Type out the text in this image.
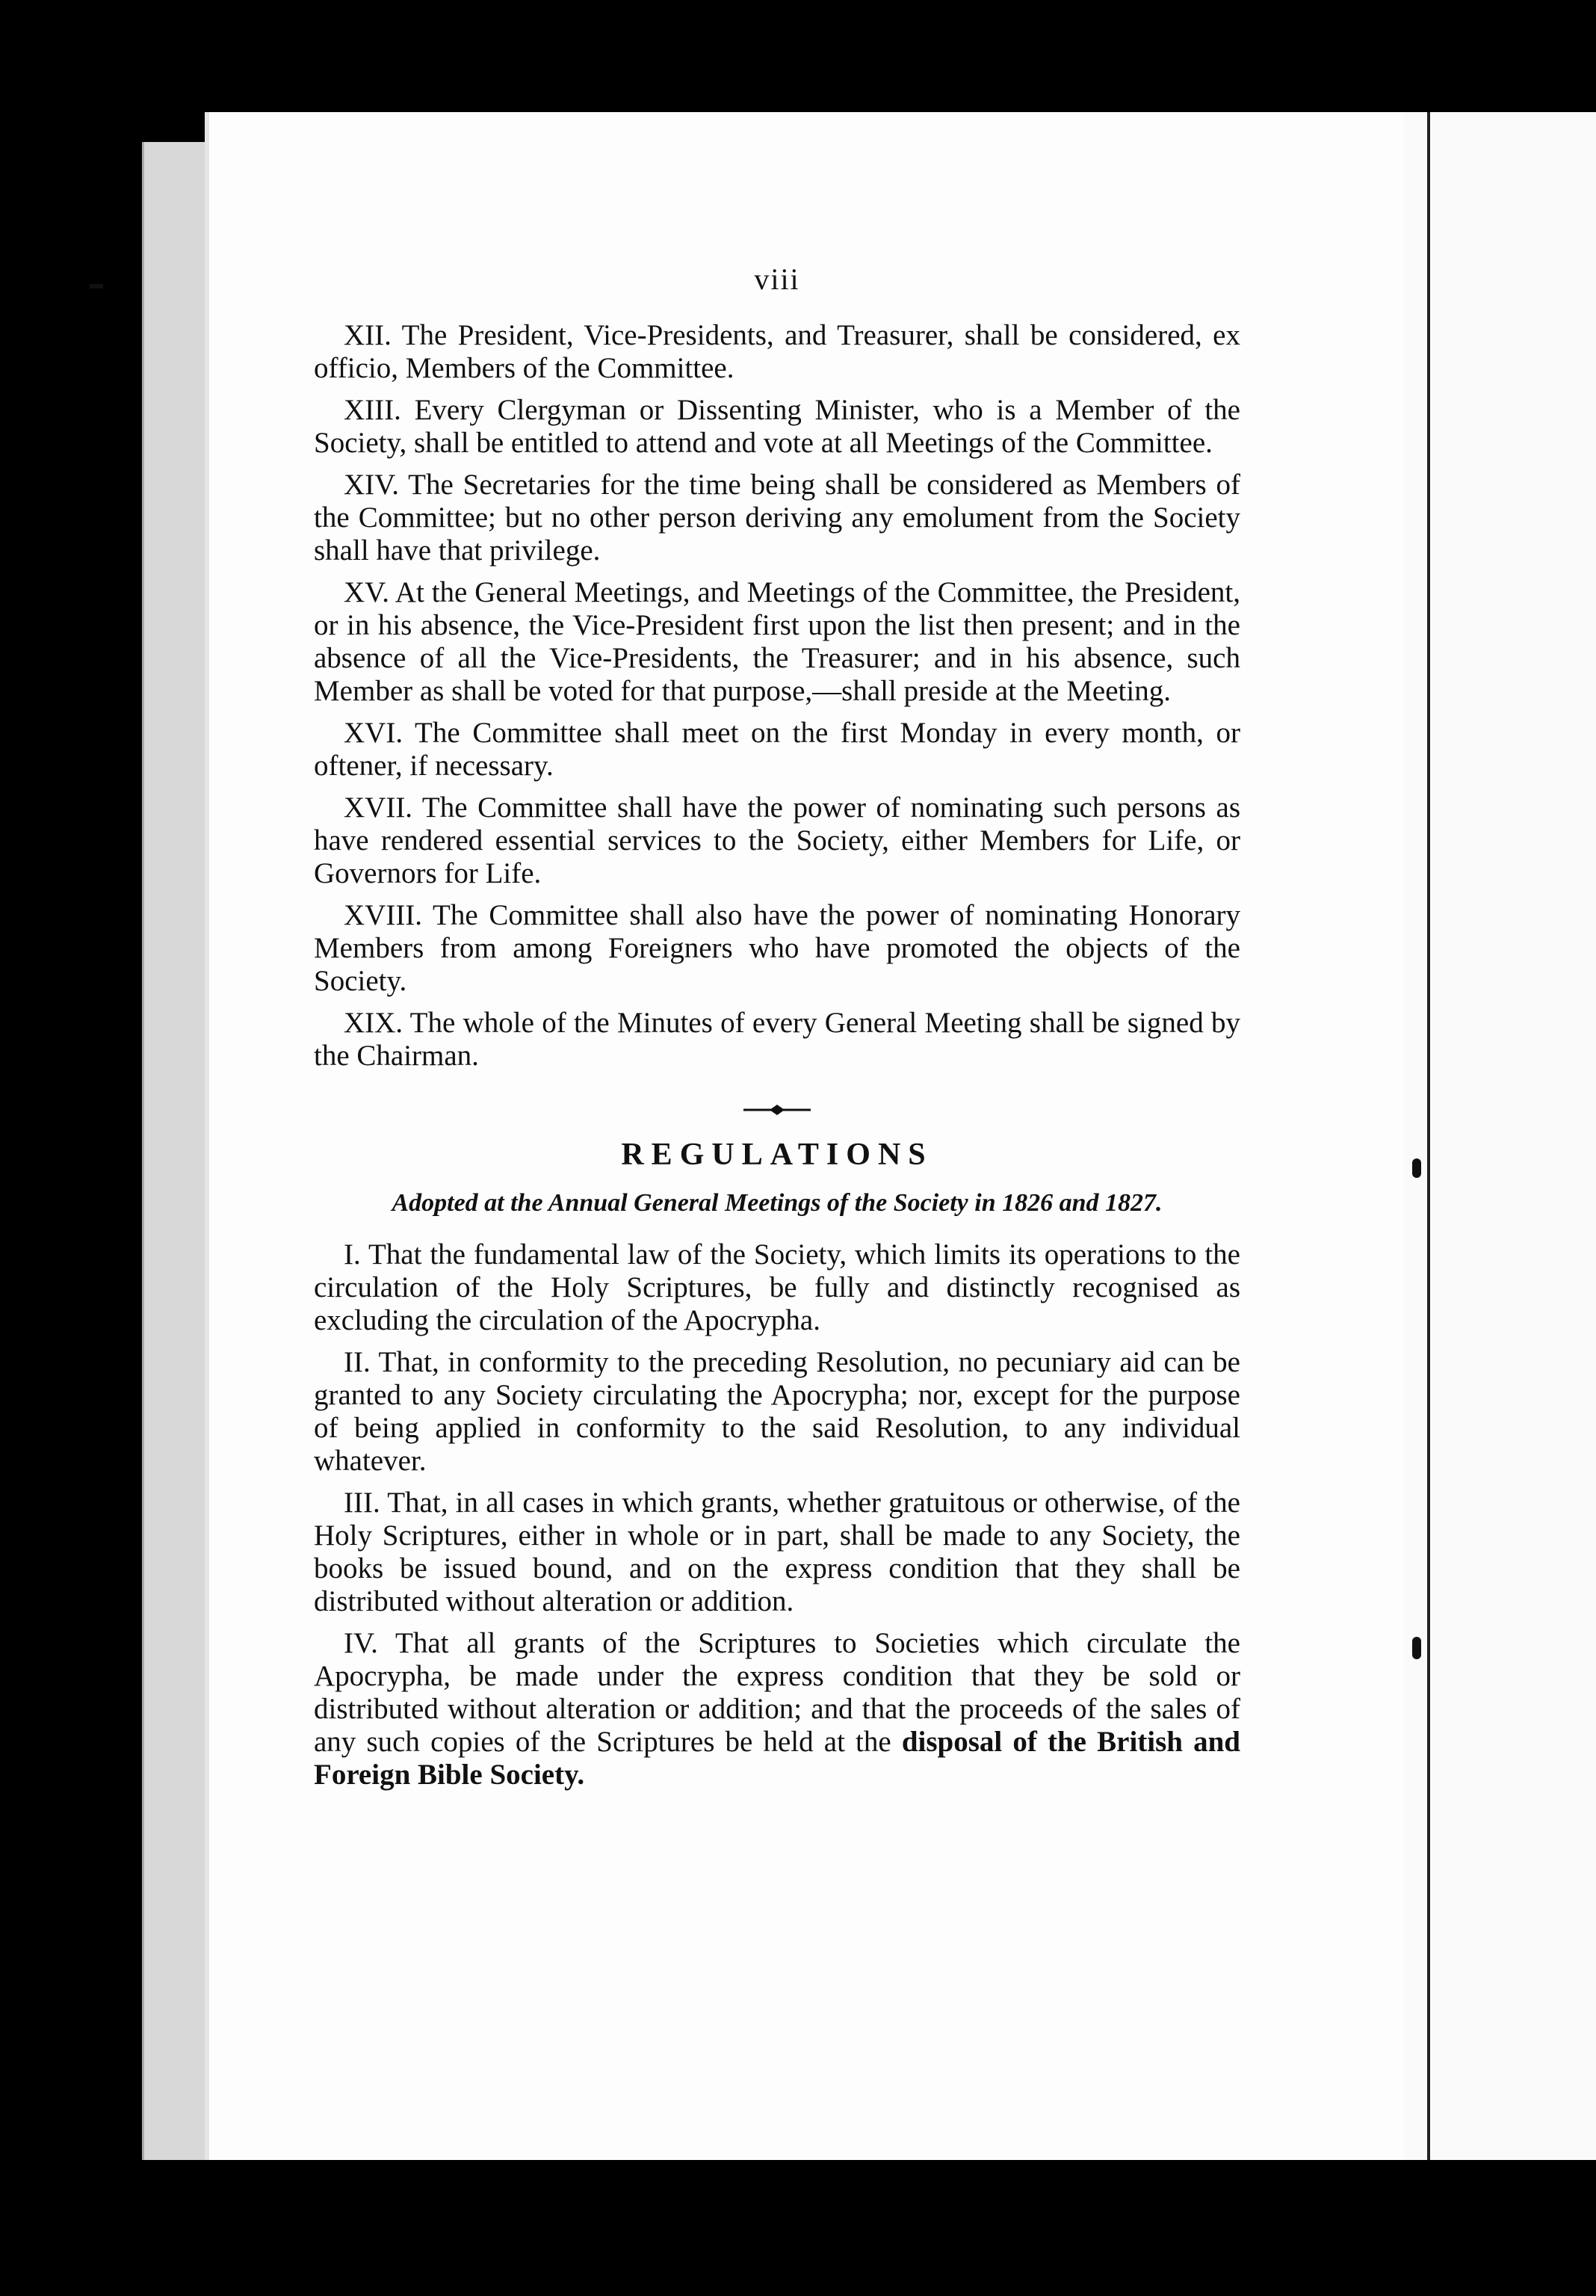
viii

XII. The President, Vice-Presidents, and Treasurer, shall be considered, ex officio, Members of the Committee.

XIII. Every Clergyman or Dissenting Minister, who is a Member of the Society, shall be entitled to attend and vote at all Meetings of the Committee.

XIV. The Secretaries for the time being shall be considered as Members of the Committee; but no other person deriving any emolument from the Society shall have that privilege.

XV. At the General Meetings, and Meetings of the Committee, the President, or in his absence, the Vice-President first upon the list then present; and in the absence of all the Vice-Presidents, the Treasurer; and in his absence, such Member as shall be voted for that purpose,—shall preside at the Meeting.

XVI. The Committee shall meet on the first Monday in every month, or oftener, if necessary.

XVII. The Committee shall have the power of nominating such persons as have rendered essential services to the Society, either Members for Life, or Governors for Life.

XVIII. The Committee shall also have the power of nominating Honorary Members from among Foreigners who have promoted the objects of the Society.

XIX. The whole of the Minutes of every General Meeting shall be signed by the Chairman.

REGULATIONS
Adopted at the Annual General Meetings of the Society in 1826 and 1827.

I. That the fundamental law of the Society, which limits its operations to the circulation of the Holy Scriptures, be fully and distinctly recognised as excluding the circulation of the Apocrypha.

II. That, in conformity to the preceding Resolution, no pecuniary aid can be granted to any Society circulating the Apocrypha; nor, except for the purpose of being applied in conformity to the said Resolution, to any individual whatever.

III. That, in all cases in which grants, whether gratuitous or otherwise, of the Holy Scriptures, either in whole or in part, shall be made to any Society, the books be issued bound, and on the express condition that they shall be distributed without alteration or addition.

IV. That all grants of the Scriptures to Societies which circulate the Apocrypha, be made under the express condition that they be sold or distributed without alteration or addition; and that the proceeds of the sales of any such copies of the Scriptures be held at the disposal of the British and Foreign Bible Society.
